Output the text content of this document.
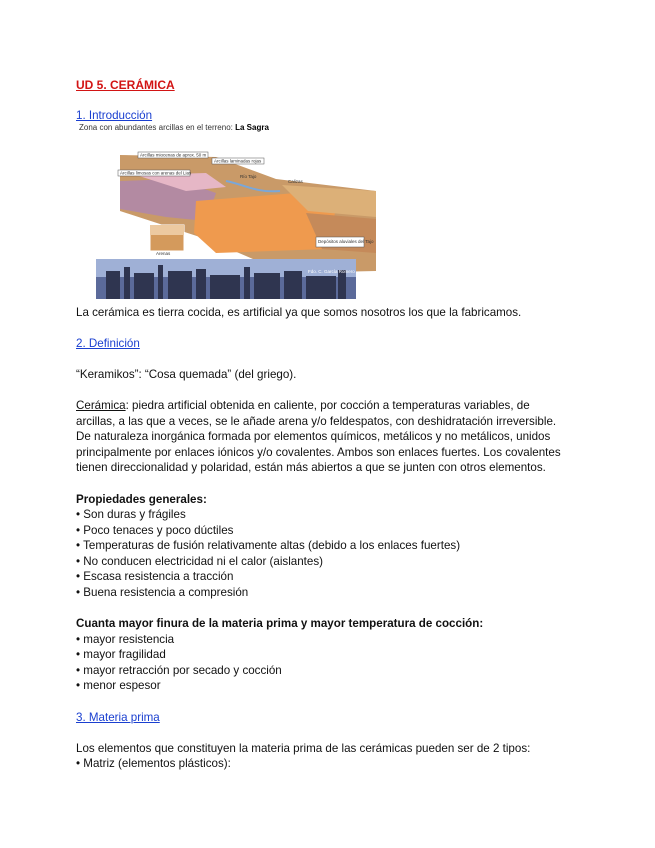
UD 5. CERÁMICA
1. Introducción
Zona con abundantes arcillas en el terreno: La Sagra
Arcillas miocenas de aprox. 50 m
Arcillas laminadas rojas
Arcillas limosas con arenas del Lias
Río Tajo
Calizas
Arenas
Depósitos aluviales del Tajo
Fdo. C. García Romero
La cerámica es tierra cocida, es artificial ya que somos nosotros los que la fabricamos.
2. Definición
“Keramikos”: “Cosa quemada” (del griego).
Cerámica: piedra artificial obtenida en caliente, por cocción a temperaturas variables, de
arcillas, a las que a veces, se le añade arena y/o feldespatos, con deshidratación irreversible.
De naturaleza inorgánica formada por elementos químicos, metálicos y no metálicos, unidos
principalmente por enlaces iónicos y/o covalentes. Ambos son enlaces fuertes. Los covalentes
tienen direccionalidad y polaridad, están más abiertos a que se junten con otros elementos.
Propiedades generales:
• Son duras y frágiles
• Poco tenaces y poco dúctiles
• Temperaturas de fusión relativamente altas (debido a los enlaces fuertes)
• No conducen electricidad ni el calor (aislantes)
• Escasa resistencia a tracción
• Buena resistencia a compresión
Cuanta mayor finura de la materia prima y mayor temperatura de cocción:
• mayor resistencia
• mayor fragilidad
• mayor retracción por secado y cocción
• menor espesor
3. Materia prima
Los elementos que constituyen la materia prima de las cerámicas pueden ser de 2 tipos:
• Matriz (elementos plásticos):
